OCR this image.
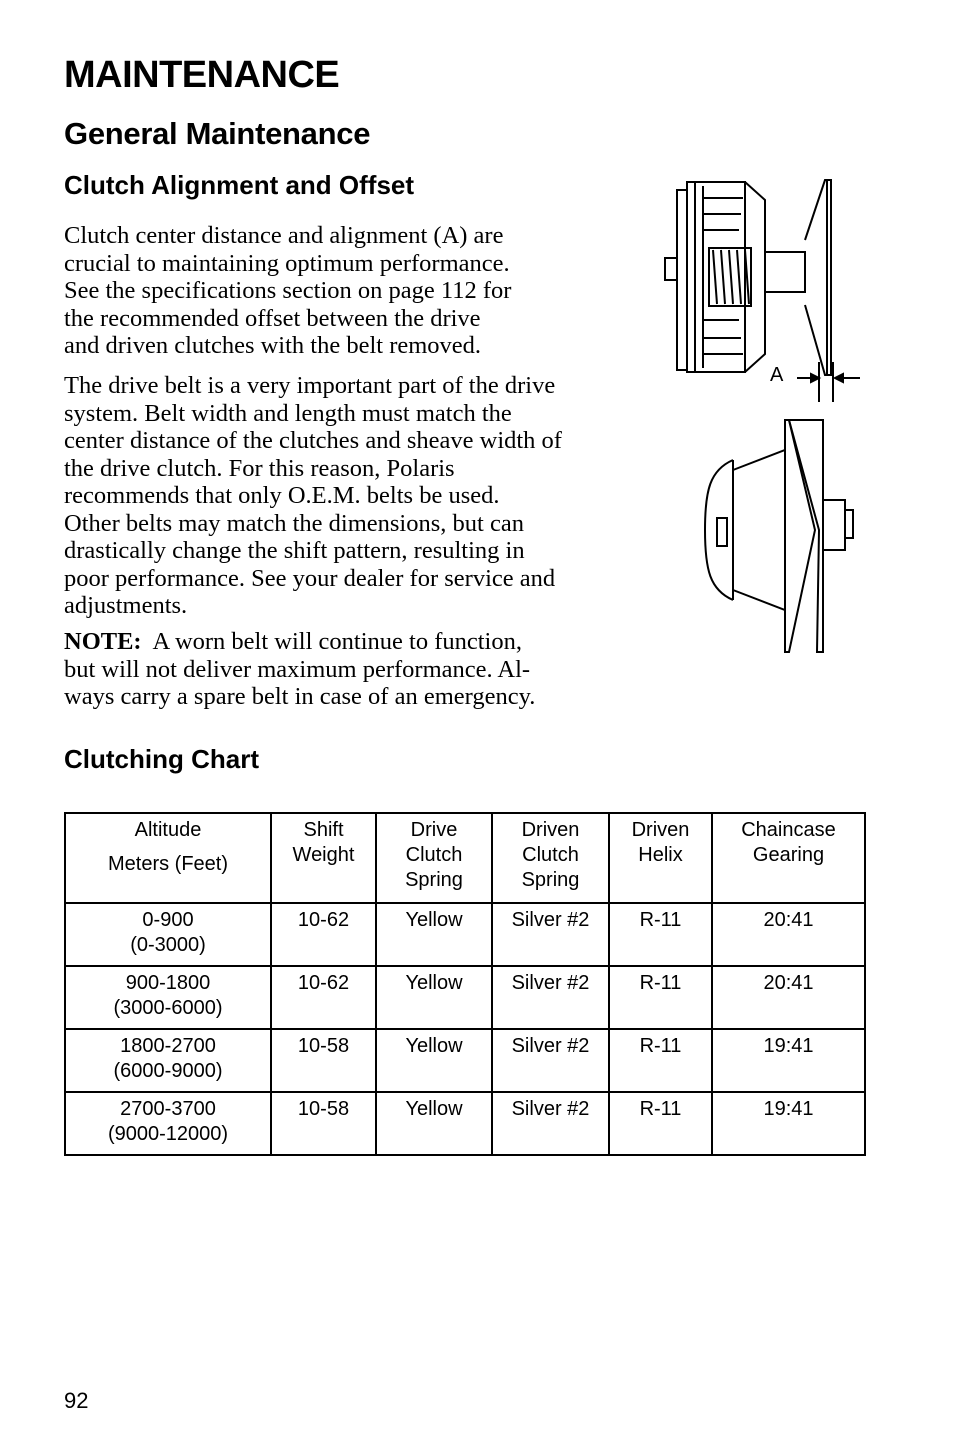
MAINTENANCE
General Maintenance
Clutch Alignment and Offset

Clutch center distance and alignment (A) are
crucial to maintaining optimum performance.
See the specifications section on page 112 for
the recommended offset between the drive
and driven clutches with the belt removed.

The drive belt is a very important part of the drive
system. Belt width and length must match the
center distance of the clutches and sheave width of
the drive clutch. For this reason, Polaris
recommends that only O.E.M. belts be used.
Other belts may match the dimensions, but can
drastically change the shift pattern, resulting in
poor performance. See your dealer for service and
adjustments.

NOTE:  A worn belt will continue to function,
but will not deliver maximum performance. Al-
ways carry a spare belt in case of an emergency.

A
Clutching Chart
Altitude
Meters (Feet)	Shift
Weight	Drive
Clutch
Spring	Driven
Clutch
Spring	Driven
Helix	Chaincase
Gearing
0-900
(0-3000)	10-62	Yellow	Silver #2	R-11	20:41
900-1800
(3000-6000)	10-62	Yellow	Silver #2	R-11	20:41
1800-2700
(6000-9000)	10-58	Yellow	Silver #2	R-11	19:41
2700-3700
(9000-12000)	10-58	Yellow	Silver #2	R-11	19:41
92
